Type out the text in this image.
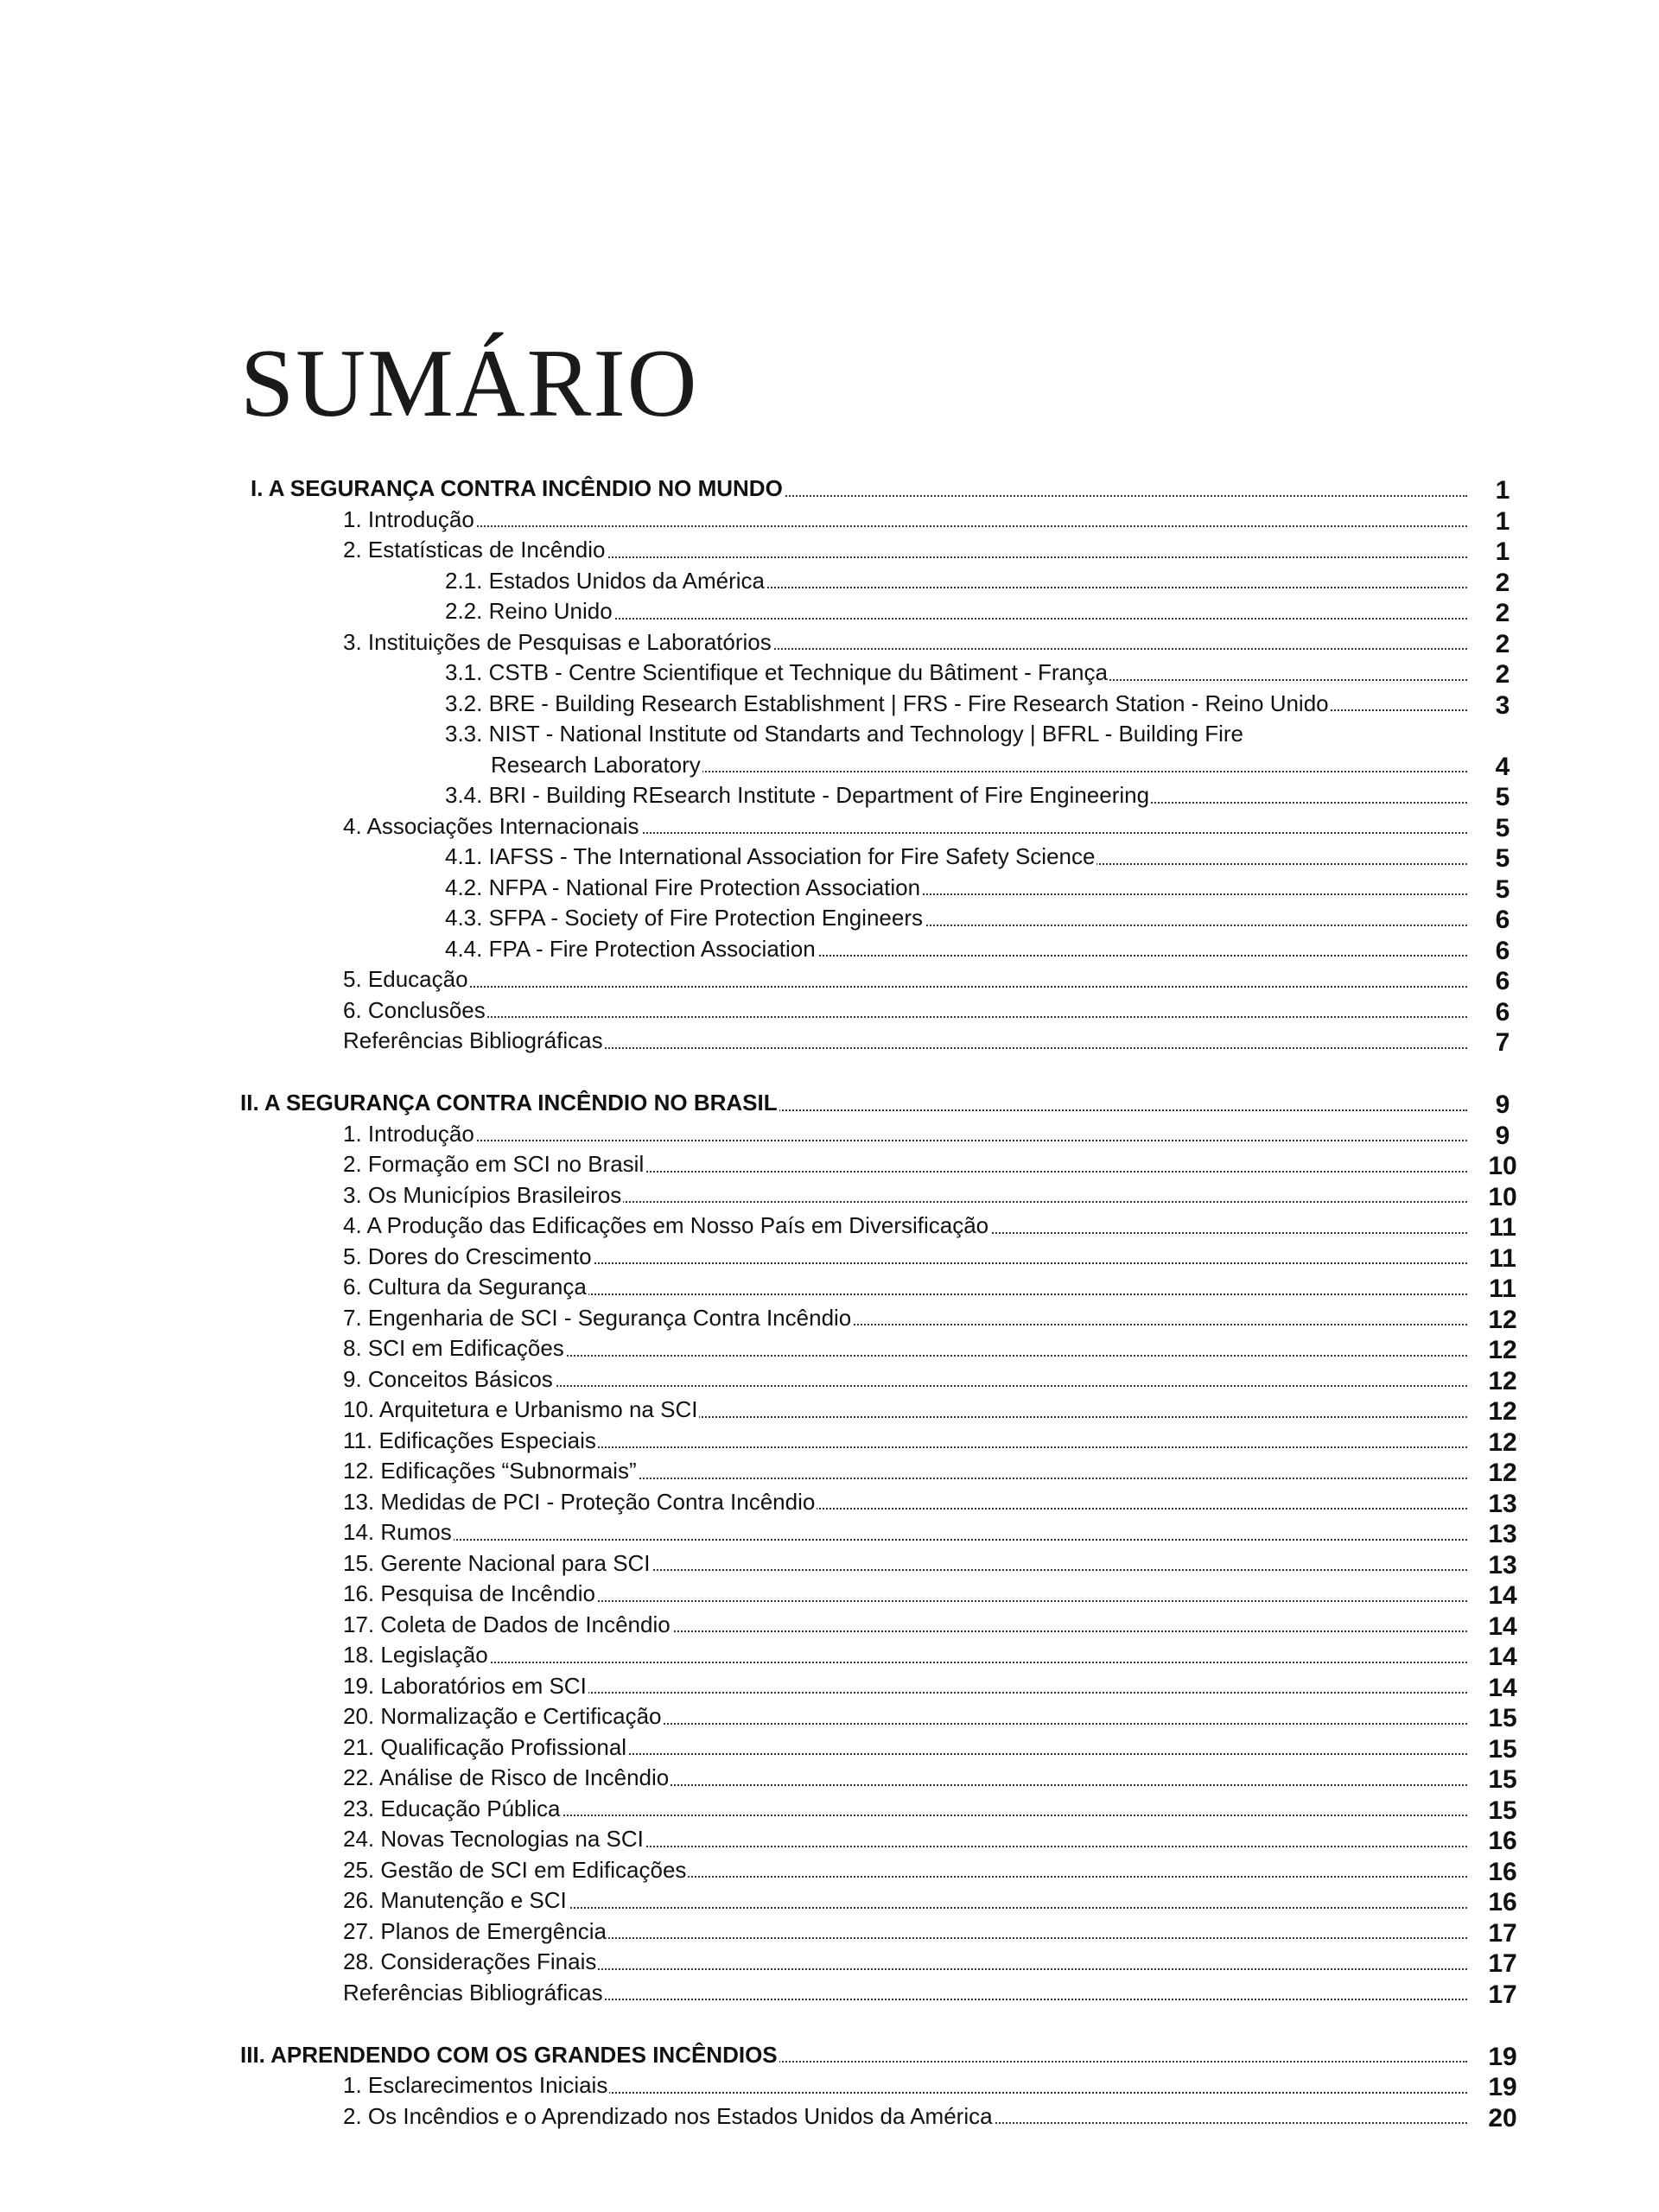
SUMÁRIO
I. A SEGURANÇA CONTRA INCÊNDIO NO MUNDO	1
1. Introdução	1
2. Estatísticas de Incêndio	1
2.1. Estados Unidos da América	2
2.2. Reino Unido	2
3. Instituições de Pesquisas e Laboratórios	2
3.1. CSTB - Centre Scientifique et Technique du Bâtiment - França	2
3.2. BRE - Building Research Establishment | FRS - Fire Research Station - Reino Unido	3
3.3. NIST - National Institute od Standarts and Technology | BFRL - Building Fire
Research Laboratory	4
3.4. BRI - Building REsearch Institute - Department of Fire Engineering	5
4. Associações Internacionais	5
4.1. IAFSS - The International Association for Fire Safety Science	5
4.2. NFPA - National Fire Protection Association	5
4.3. SFPA - Society of Fire Protection Engineers	6
4.4. FPA - Fire Protection Association	6
5. Educação	6
6. Conclusões	6
Referências Bibliográficas	7
II. A SEGURANÇA CONTRA INCÊNDIO NO BRASIL	9
1. Introdução	9
2. Formação em SCI no Brasil	10
3. Os Municípios Brasileiros	10
4. A Produção das Edificações em Nosso País em Diversificação	11
5. Dores do Crescimento	11
6. Cultura da Segurança	11
7. Engenharia de SCI - Segurança Contra Incêndio	12
8. SCI em Edificações	12
9. Conceitos Básicos	12
10. Arquitetura e Urbanismo na SCI	12
11. Edificações Especiais	12
12. Edificações “Subnormais”	12
13. Medidas de PCI - Proteção Contra Incêndio	13
14. Rumos	13
15. Gerente Nacional para SCI	13
16. Pesquisa de Incêndio	14
17. Coleta de Dados de Incêndio	14
18. Legislação	14
19. Laboratórios em SCI	14
20. Normalização e Certificação	15
21. Qualificação Profissional	15
22. Análise de Risco de Incêndio	15
23. Educação Pública	15
24. Novas Tecnologias na SCI	16
25. Gestão de SCI em Edificações	16
26. Manutenção e SCI	16
27. Planos de Emergência	17
28. Considerações Finais	17
Referências Bibliográficas	17
III. APRENDENDO COM OS GRANDES INCÊNDIOS	19
1. Esclarecimentos Iniciais	19
2. Os Incêndios e o Aprendizado nos Estados Unidos da América	20
